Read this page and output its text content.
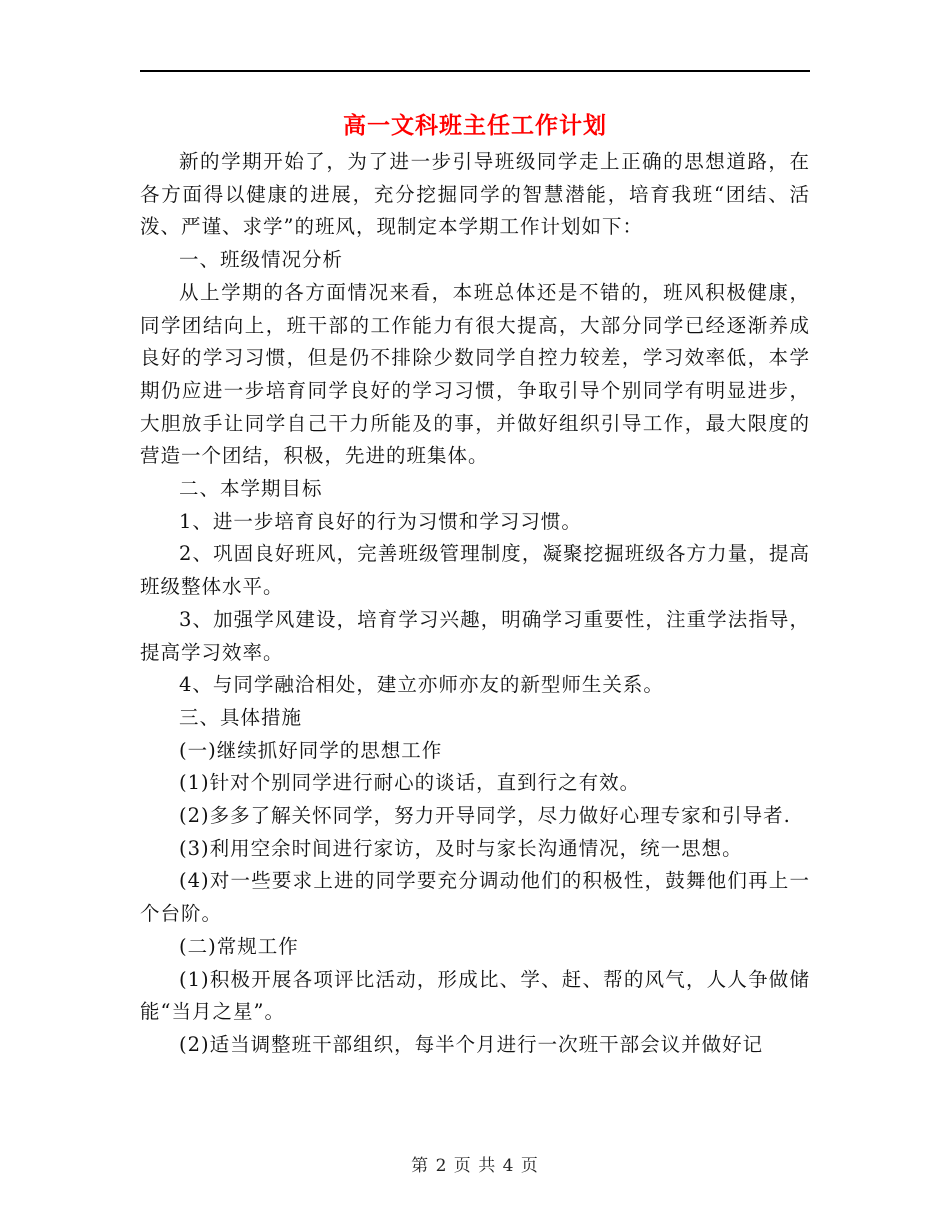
高一文科班主任工作计划

新的学期开始了，为了进一步引导班级同学走上正确的思想道路，在各方面得以健康的进展，充分挖掘同学的智慧潜能，培育我班“团结、活泼、严谨、求学”的班风，现制定本学期工作计划如下：

一、班级情况分析

从上学期的各方面情况来看，本班总体还是不错的，班风积极健康，同学团结向上，班干部的工作能力有很大提高，大部分同学已经逐渐养成良好的学习习惯，但是仍不排除少数同学自控力较差，学习效率低，本学期仍应进一步培育同学良好的学习习惯，争取引导个别同学有明显进步，大胆放手让同学自己干力所能及的事，并做好组织引导工作，最大限度的营造一个团结，积极，先进的班集体。

二、本学期目标

1、进一步培育良好的行为习惯和学习习惯。

2、巩固良好班风，完善班级管理制度，凝聚挖掘班级各方力量，提高班级整体水平。

3、加强学风建设，培育学习兴趣，明确学习重要性，注重学法指导，提高学习效率。

4、与同学融洽相处，建立亦师亦友的新型师生关系。

三、具体措施

(一)继续抓好同学的思想工作

(1)针对个别同学进行耐心的谈话，直到行之有效。

(2)多多了解关怀同学，努力开导同学，尽力做好心理专家和引导者.

(3)利用空余时间进行家访，及时与家长沟通情况，统一思想。

(4)对一些要求上进的同学要充分调动他们的积极性，鼓舞他们再上一个台阶。

(二)常规工作

(1)积极开展各项评比活动，形成比、学、赶、帮的风气，人人争做储能“当月之星”。

(2)适当调整班干部组织，每半个月进行一次班干部会议并做好记

第 2 页 共 4 页
